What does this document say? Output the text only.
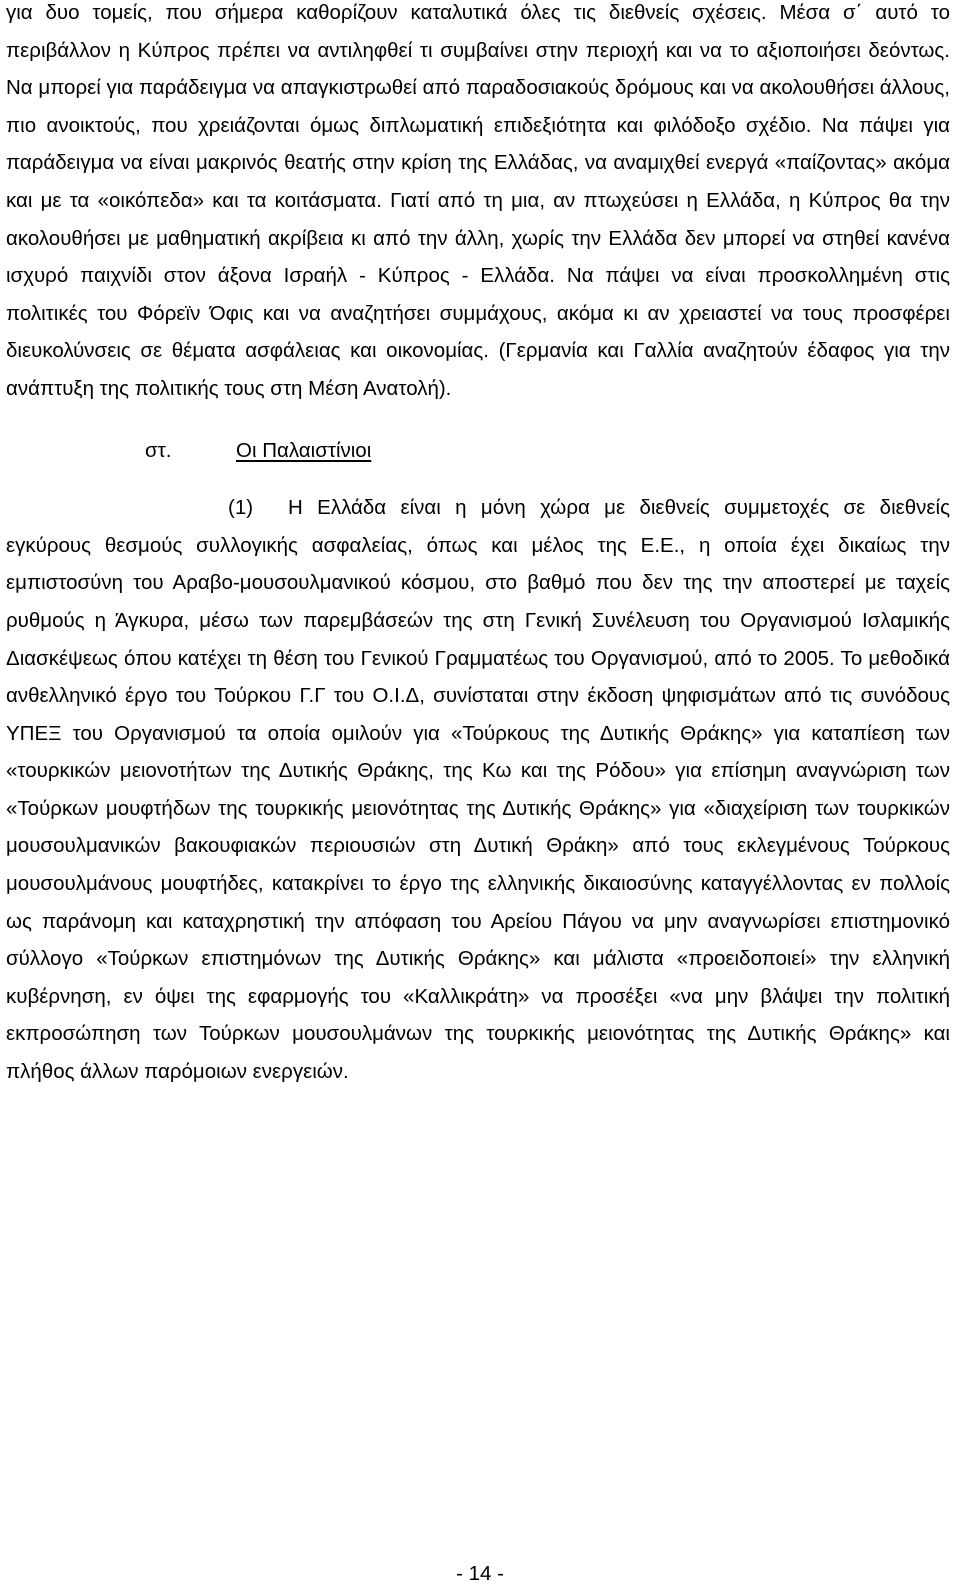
για δυο τομείς, που σήμερα καθορίζουν καταλυτικά όλες τις διεθνείς σχέσεις. Μέσα σ΄ αυτό το περιβάλλον η Κύπρος πρέπει να αντιληφθεί τι συμβαίνει στην περιοχή και να το αξιοποιήσει δεόντως. Να μπορεί για παράδειγμα να απαγκιστρωθεί από παραδοσιακούς δρόμους και να ακολουθήσει άλλους, πιο ανοικτούς, που χρειάζονται όμως διπλωματική επιδεξιότητα και φιλόδοξο σχέδιο. Να πάψει για παράδειγμα να είναι μακρινός θεατής στην κρίση της Ελλάδας, να αναμιχθεί ενεργά «παίζοντας» ακόμα και με τα «οικόπεδα» και τα κοιτάσματα. Γιατί από τη μια, αν πτωχεύσει η Ελλάδα, η Κύπρος θα την ακολουθήσει με μαθηματική ακρίβεια κι από την άλλη, χωρίς την Ελλάδα δεν μπορεί να στηθεί κανένα ισχυρό παιχνίδι στον άξονα Ισραήλ - Κύπρος - Ελλάδα. Να πάψει να είναι προσκολλημένη στις πολιτικές του Φόρεϊν Όφις και να αναζητήσει συμμάχους, ακόμα κι αν χρειαστεί να τους προσφέρει διευκολύνσεις σε θέματα ασφάλειας και οικονομίας. (Γερμανία και Γαλλία αναζητούν έδαφος για την ανάπτυξη της πολιτικής τους στη Μέση Ανατολή).

στ.	Οι Παλαιστίνιοι

(1) Η Ελλάδα είναι η μόνη χώρα με διεθνείς συμμετοχές σε διεθνείς εγκύρους θεσμούς συλλογικής ασφαλείας, όπως και μέλος της Ε.Ε., η οποία έχει δικαίως την εμπιστοσύνη του Αραβο-μουσουλμανικού κόσμου, στο βαθμό που δεν της την αποστερεί με ταχείς ρυθμούς η Άγκυρα, μέσω των παρεμβάσεών της στη Γενική Συνέλευση του Οργανισμού Ισλαμικής Διασκέψεως όπου κατέχει τη θέση του Γενικού Γραμματέως του Οργανισμού, από το 2005. Το μεθοδικά ανθελληνικό έργο του Τούρκου Γ.Γ του Ο.Ι.Δ, συνίσταται στην έκδοση ψηφισμάτων από τις συνόδους ΥΠΕΞ του Οργανισμού τα οποία ομιλούν για «Τούρκους της Δυτικής Θράκης» για καταπίεση των «τουρκικών μειονοτήτων της Δυτικής Θράκης, της Κω και της Ρόδου» για επίσημη αναγνώριση των «Τούρκων μουφτήδων της τουρκικής μειονότητας της Δυτικής Θράκης» για «διαχείριση των τουρκικών μουσουλμανικών βακουφιακών περιουσιών στη Δυτική Θράκη» από τους εκλεγμένους Τούρκους μουσουλμάνους μουφτήδες, κατακρίνει το έργο της ελληνικής δικαιοσύνης καταγγέλλοντας εν πολλοίς ως παράνομη και καταχρηστική την απόφαση του Αρείου Πάγου να μην αναγνωρίσει επιστημονικό σύλλογο «Τούρκων επιστημόνων της Δυτικής Θράκης» και μάλιστα «προειδοποιεί» την ελληνική κυβέρνηση, εν όψει της εφαρμογής του «Καλλικράτη» να προσέξει «να μην βλάψει την πολιτική εκπροσώπηση των Τούρκων μουσουλμάνων της τουρκικής μειονότητας της Δυτικής Θράκης» και πλήθος άλλων παρόμοιων ενεργειών.

- 14 -
